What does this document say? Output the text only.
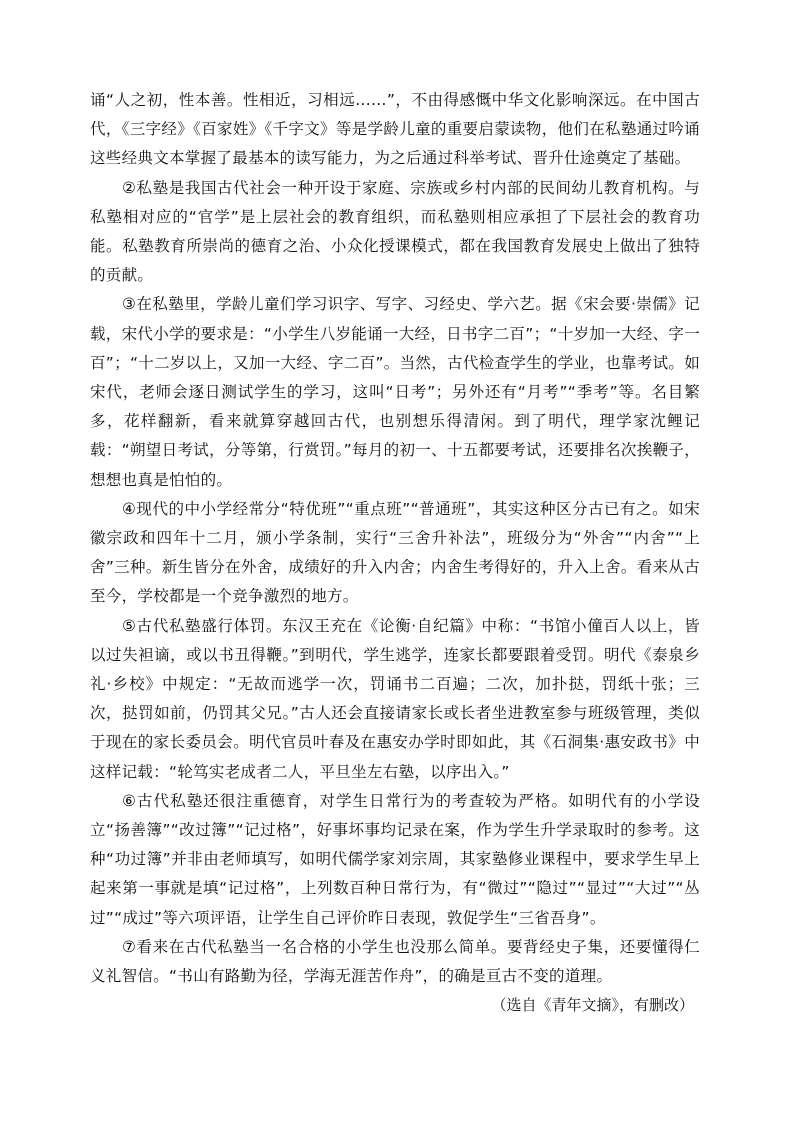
诵“人之初，性本善。性相近，习相远……”，不由得感慨中华文化影响深远。在中国古代，《三字经》《百家姓》《千字文》等是学龄儿童的重要启蒙读物，他们在私塾通过吟诵这些经典文本掌握了最基本的读写能力，为之后通过科举考试、晋升仕途奠定了基础。

②私塾是我国古代社会一种开设于家庭、宗族或乡村内部的民间幼儿教育机构。与私塾相对应的“官学”是上层社会的教育组织，而私塾则相应承担了下层社会的教育功能。私塾教育所崇尚的德育之治、小众化授课模式，都在我国教育发展史上做出了独特的贡献。

③在私塾里，学龄儿童们学习识字、写字、习经史、学六艺。据《宋会要·崇儒》记载，宋代小学的要求是：“小学生八岁能诵一大经，日书字二百”；“十岁加一大经、字一百”；“十二岁以上，又加一大经、字二百”。当然，古代检查学生的学业，也靠考试。如宋代，老师会逐日测试学生的学习，这叫“日考”；另外还有“月考”“季考”等。名目繁多，花样翻新，看来就算穿越回古代，也别想乐得清闲。到了明代，理学家沈鲤记载：“朔望日考试，分等第，行赏罚。”每月的初一、十五都要考试，还要排名次挨鞭子，想想也真是怕怕的。

④现代的中小学经常分“特优班”“重点班”“普通班”，其实这种区分古已有之。如宋徽宗政和四年十二月，颁小学条制，实行“三舍升补法”，班级分为“外舍”“内舍”“上舍”三种。新生皆分在外舍，成绩好的升入内舍；内舍生考得好的，升入上舍。看来从古至今，学校都是一个竞争激烈的地方。

⑤古代私塾盛行体罚。东汉王充在《论衡·自纪篇》中称：“书馆小僮百人以上，皆以过失袒谪，或以书丑得鞭。”到明代，学生逃学，连家长都要跟着受罚。明代《泰泉乡礼·乡校》中规定：“无故而逃学一次，罚诵书二百遍；二次，加扑挞，罚纸十张；三次，挞罚如前，仍罚其父兄。”古人还会直接请家长或长者坐进教室参与班级管理，类似于现在的家长委员会。明代官员叶春及在惠安办学时即如此，其《石洞集·惠安政书》中这样记载：“轮笃实老成者二人，平旦坐左右塾，以序出入。”

⑥古代私塾还很注重德育，对学生日常行为的考查较为严格。如明代有的小学设立“扬善簿”“改过簿”“记过格”，好事坏事均记录在案，作为学生升学录取时的参考。这种“功过簿”并非由老师填写，如明代儒学家刘宗周，其家塾修业课程中，要求学生早上起来第一事就是填“记过格”，上列数百种日常行为，有“微过”“隐过”“显过”“大过”“丛过”“成过”等六项评语，让学生自己评价昨日表现，敦促学生“三省吾身”。

⑦看来在古代私塾当一名合格的小学生也没那么简单。要背经史子集，还要懂得仁义礼智信。“书山有路勤为径，学海无涯苦作舟”，的确是亘古不变的道理。

（选自《青年文摘》，有删改）
